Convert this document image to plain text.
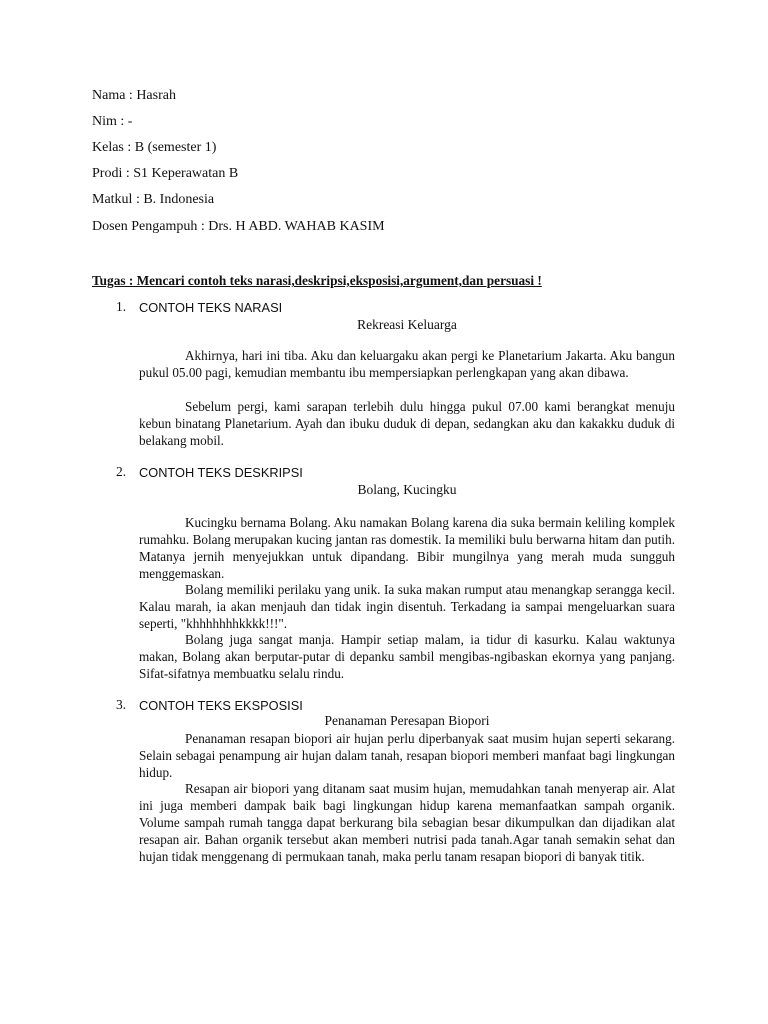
Nama : Hasrah
Nim : -
Kelas : B (semester 1)
Prodi : S1 Keperawatan B
Matkul : B. Indonesia
Dosen Pengampuh : Drs. H ABD. WAHAB KASIM
Tugas : Mencari contoh teks narasi,deskripsi,eksposisi,argument,dan persuasi !
1. CONTOH TEKS NARASI
Rekreasi Keluarga

Akhirnya, hari ini tiba. Aku dan keluargaku akan pergi ke Planetarium Jakarta. Aku bangun pukul 05.00 pagi, kemudian membantu ibu mempersiapkan perlengkapan yang akan dibawa.

Sebelum pergi, kami sarapan terlebih dulu hingga pukul 07.00 kami berangkat menuju kebun binatang Planetarium. Ayah dan ibuku duduk di depan, sedangkan aku dan kakakku duduk di belakang mobil.

2. CONTOH TEKS DESKRIPSI
Bolang, Kucingku

Kucingku bernama Bolang. Aku namakan Bolang karena dia suka bermain keliling komplek rumahku. Bolang merupakan kucing jantan ras domestik. Ia memiliki bulu berwarna hitam dan putih. Matanya jernih menyejukkan untuk dipandang. Bibir mungilnya yang merah muda sungguh menggemaskan.

Bolang memiliki perilaku yang unik. Ia suka makan rumput atau menangkap serangga kecil. Kalau marah, ia akan menjauh dan tidak ingin disentuh. Terkadang ia sampai mengeluarkan suara seperti, "khhhhhhhkkkk!!!".

Bolang juga sangat manja. Hampir setiap malam, ia tidur di kasurku. Kalau waktunya makan, Bolang akan berputar-putar di depanku sambil mengibas-ngibaskan ekornya yang panjang. Sifat-sifatnya membuatku selalu rindu.

3. CONTOH TEKS EKSPOSISI
Penanaman Peresapan Biopori

Penanaman resapan biopori air hujan perlu diperbanyak saat musim hujan seperti sekarang. Selain sebagai penampung air hujan dalam tanah, resapan biopori memberi manfaat bagi lingkungan hidup.

Resapan air biopori yang ditanam saat musim hujan, memudahkan tanah menyerap air. Alat ini juga memberi dampak baik bagi lingkungan hidup karena memanfaatkan sampah organik. Volume sampah rumah tangga dapat berkurang bila sebagian besar dikumpulkan dan dijadikan alat resapan air. Bahan organik tersebut akan memberi nutrisi pada tanah.Agar tanah semakin sehat dan hujan tidak menggenang di permukaan tanah, maka perlu tanam resapan biopori di banyak titik.
